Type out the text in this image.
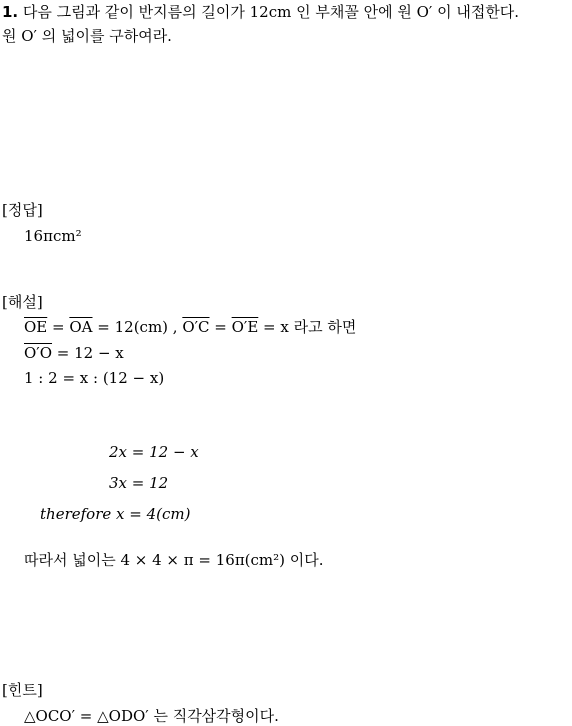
1. 다음 그림과 같이 반지름의 길이가 12cm 인 부채꼴 안에 원 O′ 이 내접한다.
원 O′ 의 넓이를 구하여라.
[정답]
16πcm²
[해설]
$\overline{OE} = \overline{OA} = 12(cm)$ , O′C = O′E = x 라고 하면
O′O = 12 − x
1 : 2 = x : (12 − x)
2x = 12 − x
3x = 12
therefore x = 4(cm)
따라서 넓이는 4 × 4 × π = 16π(cm²) 이다.
[힌트]
△OCO′ = △ODO′ 는 직각삼각형이다.
